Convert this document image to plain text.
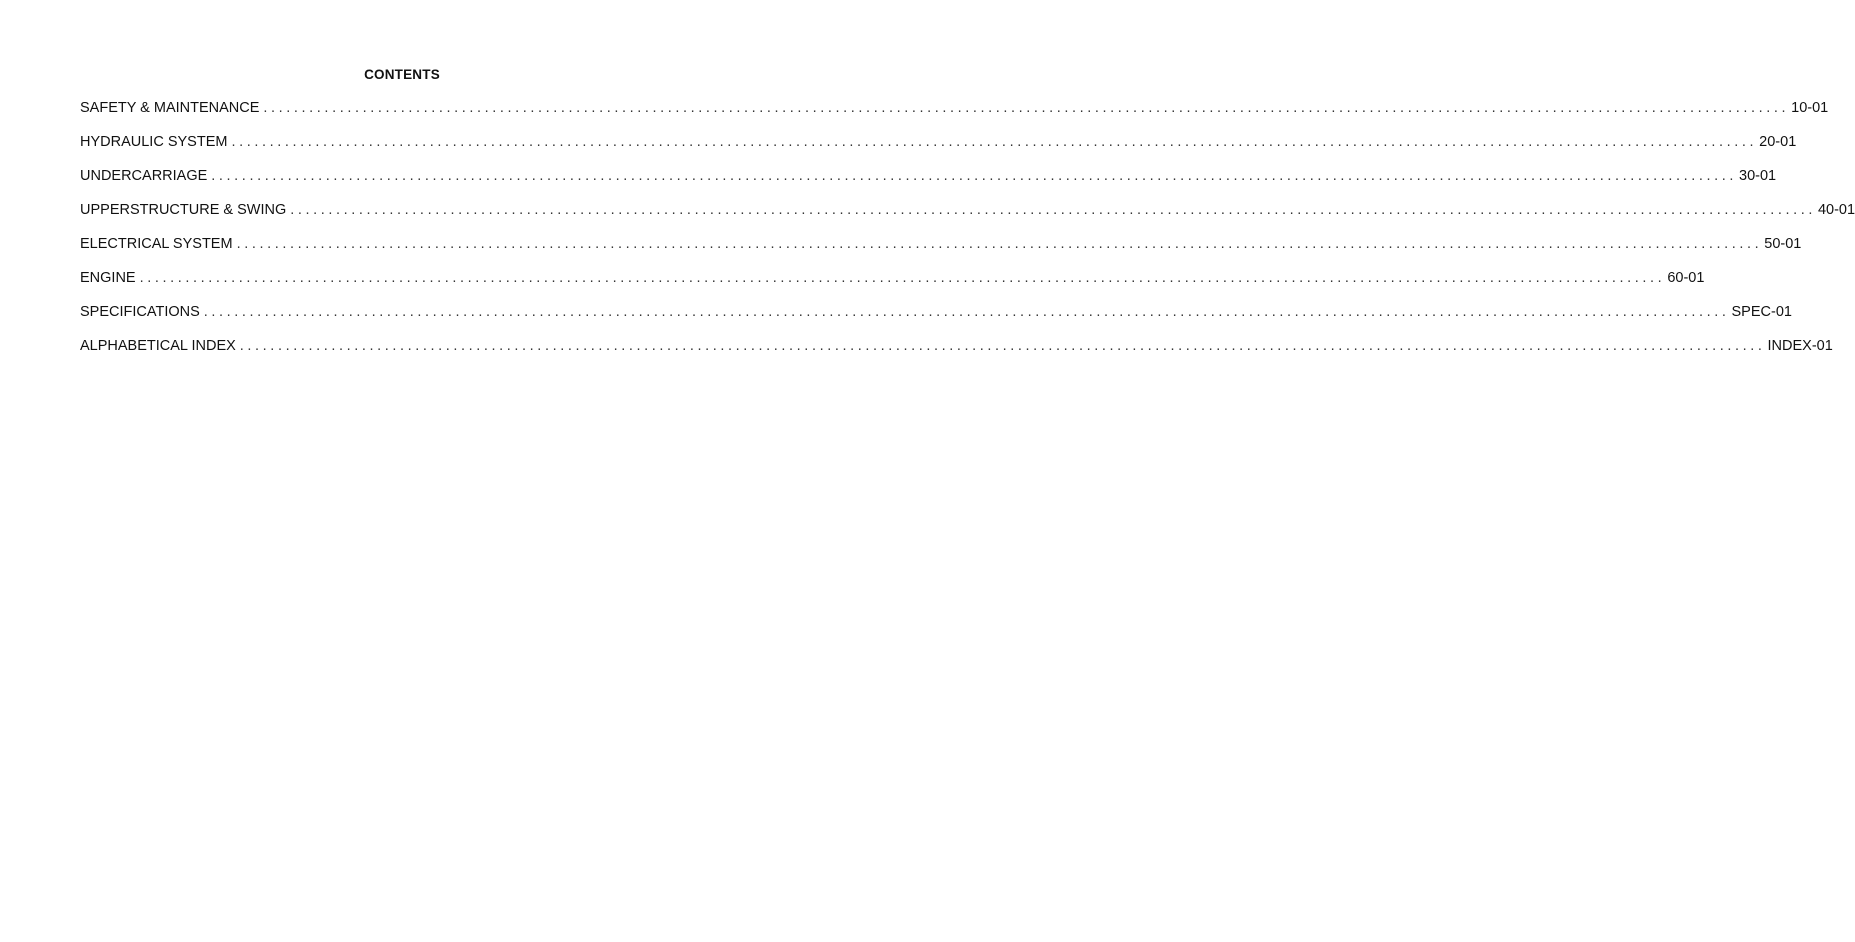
CONTENTS
SAFETY & MAINTENANCE ........................................................................................................................................................................................................ 10-01
HYDRAULIC SYSTEM ........................................................................................................................................................................................................ 20-01
UNDERCARRIAGE ........................................................................................................................................................................................................ 30-01
UPPERSTRUCTURE & SWING ........................................................................................................................................................................................................ 40-01
ELECTRICAL SYSTEM ........................................................................................................................................................................................................ 50-01
ENGINE ........................................................................................................................................................................................................ 60-01
SPECIFICATIONS ........................................................................................................................................................................................................ SPEC-01
ALPHABETICAL INDEX ........................................................................................................................................................................................................ INDEX-01
